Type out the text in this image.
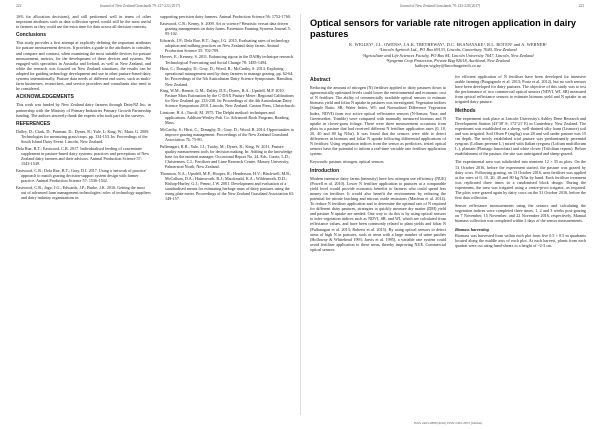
222	Journal of New Zealand Grasslands 79: 217-222 (2017)	Journal of New Zealand Grasslands 79: 223-228 (2017)	223

16% for allocation decisions), and still performed well in terms of other important attributes such as data collection speed, would still be the most useful to farmers as they could use the extra time for data across all decision contexts.

Conclusions

This study provides a first attempt at explicitly defining the important attributes for pasture measurement devices. It provides a guide to the attributes to consider, and compare and contrast, when examining the most suitable devices for pasture measurement, metrics, for the development of these devices and systems. We engaged with specialists in Australia and Ireland, as well as New Zealand, and while the research was focused on New Zealand situations, the results can be adapted for guiding technology development and use in other pasture-based dairy systems internationally. Pasture data needs of different end users, such as multi-farm businesses, researchers, and service providers and consultants also need to be considered.

ACKNOWLEDGEMENTS

This work was funded by New Zealand dairy farmers through DairyNZ Inc. in partnership with the Ministry of Primary Industries Primary Growth Partnership funding. The authors sincerely thank the experts who took part in the surveys.

REFERENCES

Dalley, D.; Clark, D.; Pairman, D.; Dynes, R.; Yule, I.; King, W.; Mata, G. 2009. Technologies for measuring grass/crops. pp. 134-153. In: Proceedings of the South Island Dairy Event. Lincoln, New Zealand.

Dela Rue, B.T.; Eastwood, C.R. 2017. Individualised feeding of concentrate supplement in pasture-based dairy systems: practices and perceptions of New Zealand dairy farmers and their advisors. Animal Production Science 57: 1543-1549.

Eastwood, C.R.; Dela Rue, B.T.; Gray, D.I. 2017. Using a 'network of practice' approach to match grazing decision-support system design with farmer practice. Animal Production Science 57: 1536-1542.

Eastwood, C.R.; Jago, J.G.; Edwards, J.P.; Burke, J.K. 2016. Getting the most out of advanced farm management technologies: roles of technology suppliers and dairy industry organisations in

supporting precision dairy farmers. Animal Production Science 56: 1752-1760.

Eastwood, C.R.; Kenny, S. 2009. Art or science? Heuristic versus data driven grazing management on dairy farms. Extension Farming Systems Journal 5: 95-102.

Edwards, J.P.; Dela Rue, B.T.; Jago, J.G. 2015. Evaluating rates of technology adoption and milking practices on New Zealand dairy farms. Animal Production Science 55: 702-709.

Hovers, E.; Kenney, S. 2011. Enhancing rigour in the DAIRy technique research. Technological Forecasting and Social Change 78: 1485-1494.

Hirst, C.; Donaghy, D.; Gray, D.; Wood, B.; McCarthy, S. 2014. Exploring operational management used by dairy farmers to manage grazing. pp. 62-64. In: Proceedings of the 5th Australasian Dairy Science Symposium. Hamilton, New Zealand.

King, W.M.; Rennie, G.M.; Dalley, D.E.; Dynes, R.A.; Upsdell, M.P. 2010. Pasture Mass Estimation by the C-DAX Pasture Meter: Regional Calibrations for New Zealand. pp. 233-238. In: Proceedings of the 4th Australasian Dairy Science Symposium 2010. Lincoln, New Zealand. Caxton Press, Christchurch.

Linstone, H.A.; Turoff, M. 1975. The Delphi method: techniques and applications. Addison-Wesley Pub. Co. Advanced Book Program, Reading, Mass.

McCarthy, S.; Hirst, C.; Donaghy, D.; Gray, D.; Wood, B. 2014. Opportunities to improve grazing management. Proceedings of the New Zealand Grassland Association 76: 75-80.

Pullenagari, R.R.; Yule, I.J.; Tuohy, M.; Dynes, R.; King, W. 2011. Pasture quality measurement tools for decision making. In: Adding to the knowledge base for the nutrient manager. Occasional Report No. 24. Eds. Currie, L.D.; Christensen, C.L. Fertilizer and Lime Research Centre, Massey University, Palmerston North, New Zealand.

Thomson, N.A.; Upsdell, M.P.; Hooper, R.; Henderson, H.V.; Blackwell, M.B.; McCallum, D.A.; Hainsworth, R.J.; Macdonald, K.A.; Wildermoth, D.D.; Bishop-Hurley, G.J.; Penno, J.W. 2001. Development and evaluation of a standardised means for estimating herbage mass of dairy pastures using the rising plate meter. Proceedings of the New Zealand Grassland Association 63: 149-157.

Optical sensors for variable rate nitrogen application in dairy pastures
K. WIGLEY¹, J.L. OWENS², J.A.K. TRETHEWAY¹, D.C. EKANAYAKE¹, R.L. ROTEN¹ and A. WERNER¹
¹Lincoln Agritech Ltd., PO Box 69133, Lincoln, Canterbury 7640, New Zealand
²Agriculture and Life Sciences Faculty, PO Box 84, Lincoln University 7647, Lincoln, New Zealand
³Syngenta Crop Protection, Private Bag 92618, Auckland, New Zealand
kathryn.wigley@lincolnagritech.co.nz
Abstract

Reducing the amount of nitrogen (N) fertiliser applied to dairy pastures down to agronomically optimised levels could lower the environmental and economic cost of N fertiliser. The ability of commercially available optical sensors to estimate biomass yield and foliar N uptake in pastures was investigated. Vegetation indices (Simple Ratio, SR; Water Index, WI; and Normalised Difference Vegetation Index, NDVI) from two active optical reflectance sensors (N-Sensor, Yara; and Greenseeker, Trimble) were compared with manually measured biomass and N uptake in clover-grass foliage. There were three measurement occasions from plots in a pasture that had received different N fertiliser application rates (0, 10, 20, 40 and 80 kg N/ha). It was found that the sensors were able to detect differences in biomass and foliar N uptake following differential applications of N fertiliser. Using vegetation indices from the sensor as predictors, tested optical sensors have the potential to inform a real-time variable rate fertiliser application system.

Keywords: pasture, nitrogen, optical sensors

Introduction

Modern intensive dairy farms (intensity) have low nitrogen use efficiency (NUE) (Powell et al. 2010). Lower N fertiliser application to pastures at a comparable yield level would provide economic benefits to farmers who could spend less money on fertiliser. It would also benefit the environment by reducing the potential for nitrate leaching and nitrous oxide emissions (Maclean et al. 2014). To reduce N fertiliser application and to determine the optimal rate of N required for different dairy pastures, strategies to quickly measure dry matter (DM) yield and pasture N uptake are needed. One way to do this is by using optical sensors to infer vegetation indices such as NDVI, SR, and WI, which are calculated from reflectance values, and have been commonly related to plant yields and foliar N (Pullanagari et al. 2013; Roberts et al. 2015). By using optical sensors to detect areas of high N in pastures, such as areas with a large number of urine patches (Holloway & Whitehead 1993; Jarvis et al. 1995), a variable rate system could avoid fertiliser application to these areas, thereby improving NUE. Commercial optical sensors

for efficient application of N fertiliser have been developed for intensive arable farming (Bragagnolo et al. 2013; Portz et al. 2012), but no such sensors have been developed for dairy pastures. The objective of this study was to test the performance of two commercial optical sensors (NDVI, WI, SR) measured from optical reflectance sensors to estimate biomass yield and N uptake in an irrigated dairy pasture.

Methods

The experiment took place at Lincoln University's Ashley Dene Research and Development Station (43°38' S; 172°21' E) in Canterbury, New Zealand. The experiment was established on a sheep, well-drained silty loam (Lismore) soil and was irrigated. Soil Olsen P (mg/kg) was 28 and soil under pasture was 15 cm depth. The newly established trial pasture was predominantly perennial ryegrass (Lolium perenne L.) mixed with Italian ryegrass (Lolium multiflorum L.), plantain (Plantago lanceolata) and white clover (Trifolium repens). Before establishment of the pasture, the site was unirrigated and sheep-grazed.

The experimental area was subdivided into nineteen 12 × 35 m plots. On the 13 October 2016, before the experiment started, the pasture was grazed by dairy cows. Following grazing, on 13 October 2016, urea fertiliser was applied at the rates of 0, 10, 20, 40 and 80 kg N/ha by hand. Each fertiliser treatment was replicated three times in a randomised block design. During the experiment, the area was irrigated using a centre-pivot irrigator, as required. The plots were grazed again by dairy cows on the 31 October 2016, before the first data collection.

Sensor reflectance measurements using the sensors and calculating the vegetation indices were completed three times, 1, 2 and 3 weeks post-grazing on 7 November, 15 November, and 22 November 2016, respectively. Manual biomass collection was completed within 2 days of the sensor measurements.

Biomass harvesting

Biomass was harvested from within each plot from five 0.5 × 0.5 m quadrants located along the middle axis of each plot. At each harvest, plants from each quadrat were cut using hand-shears to a height of ~2-3 cm.

ISSN 2463-2880 (Print) ISSN 2463-2872 (Online)
